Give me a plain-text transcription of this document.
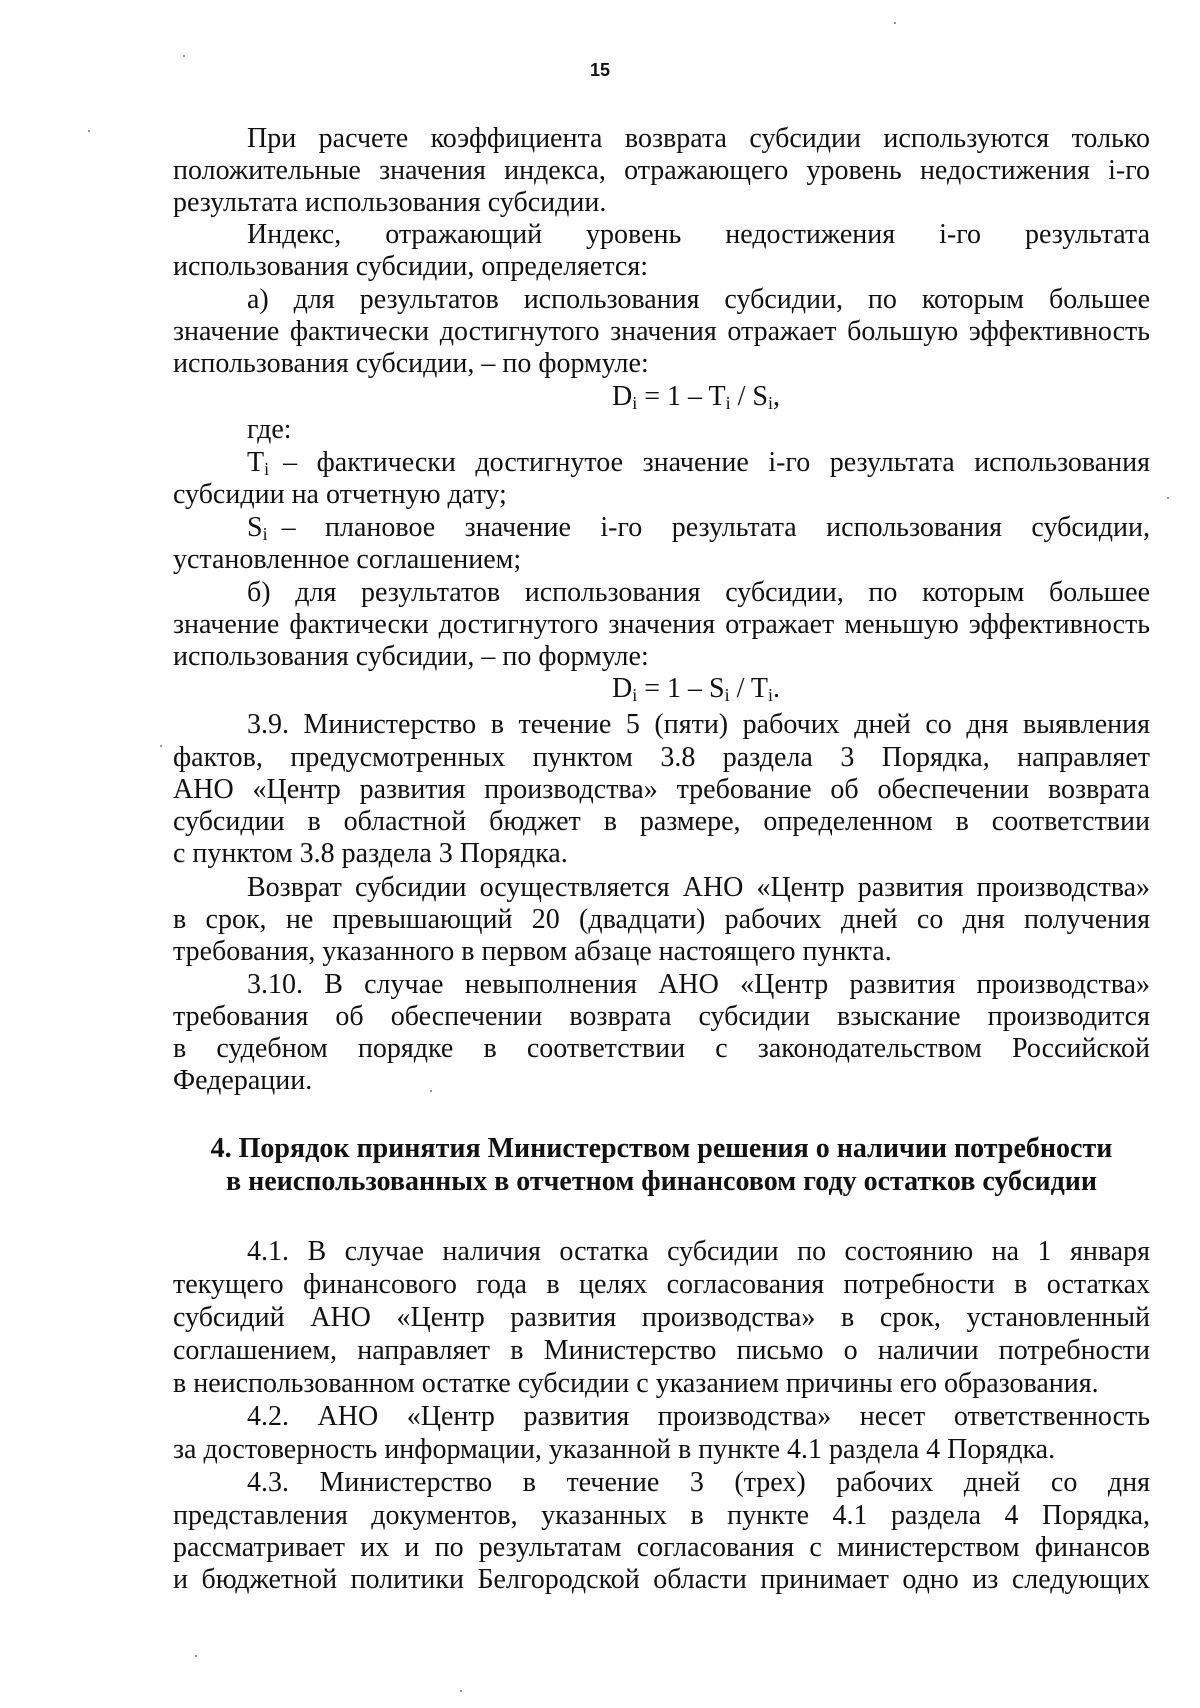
15
При расчете коэффициента возврата субсидии используются только
положительные значения индекса, отражающего уровень недостижения i-го
результата использования субсидии.
Индекс, отражающий уровень недостижения i-го результата
использования субсидии, определяется:
а) для результатов использования субсидии, по которым большее
значение фактически достигнутого значения отражает большую эффективность
использования субсидии, – по формуле:
$D_i = 1 - T_i / S_i$,
где:
$T_i$ – фактически достигнутое значение i-го результата использования
субсидии на отчетную дату;
$S_i$ – плановое значение i-го результата использования субсидии,
установленное соглашением;
б) для результатов использования субсидии, по которым большее
значение фактически достигнутого значения отражает меньшую эффективность
использования субсидии, – по формуле:
$D_i = 1 - S_i / T_i$.
3.9. Министерство в течение 5 (пяти) рабочих дней со дня выявления
фактов, предусмотренных пунктом 3.8 раздела 3 Порядка, направляет
АНО «Центр развития производства» требование об обеспечении возврата
субсидии в областной бюджет в размере, определенном в соответствии
с пунктом 3.8 раздела 3 Порядка.
Возврат субсидии осуществляется АНО «Центр развития производства»
в срок, не превышающий 20 (двадцати) рабочих дней со дня получения
требования, указанного в первом абзаце настоящего пункта.
3.10. В случае невыполнения АНО «Центр развития производства»
требования об обеспечении возврата субсидии взыскание производится
в судебном порядке в соответствии с законодательством Российской
Федерации.
4. Порядок принятия Министерством решения о наличии потребности
в неиспользованных в отчетном финансовом году остатков субсидии
4.1. В случае наличия остатка субсидии по состоянию на 1 января
текущего финансового года в целях согласования потребности в остатках
субсидий АНО «Центр развития производства» в срок, установленный
соглашением, направляет в Министерство письмо о наличии потребности
в неиспользованном остатке субсидии с указанием причины его образования.
4.2. АНО «Центр развития производства» несет ответственность
за достоверность информации, указанной в пункте 4.1 раздела 4 Порядка.
4.3. Министерство в течение 3 (трех) рабочих дней со дня
представления документов, указанных в пункте 4.1 раздела 4 Порядка,
рассматривает их и по результатам согласования с министерством финансов
и бюджетной политики Белгородской области принимает одно из следующих
